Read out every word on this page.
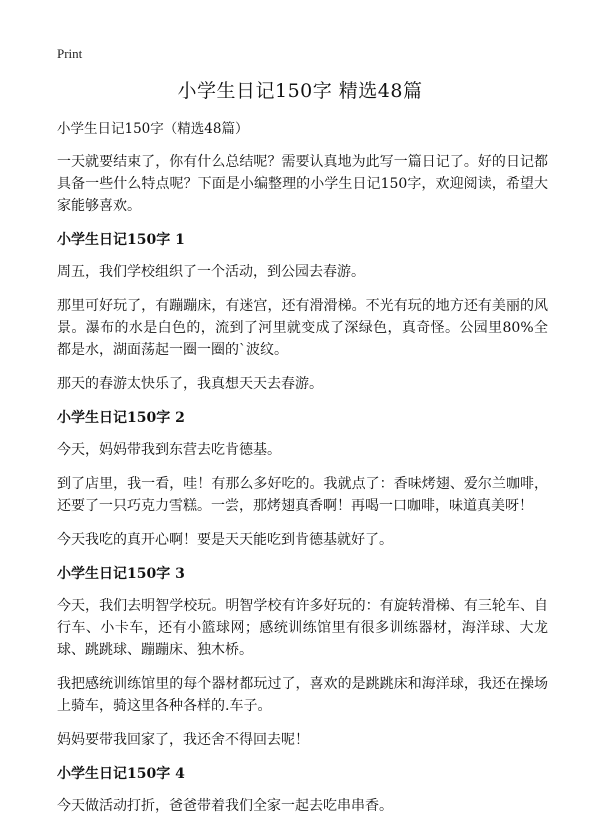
Print
小学生日记150字 精选48篇

小学生日记150字（精选48篇）

一天就要结束了，你有什么总结呢？需要认真地为此写一篇日记了。好的日记都具备一些什么特点呢？下面是小编整理的小学生日记150字，欢迎阅读，希望大家能够喜欢。

小学生日记150字 1

周五，我们学校组织了一个活动，到公园去春游。

那里可好玩了，有蹦蹦床，有迷宫，还有滑滑梯。不光有玩的地方还有美丽的风景。瀑布的水是白色的，流到了河里就变成了深绿色，真奇怪。公园里80%全都是水，湖面荡起一圈一圈的`波纹。

那天的春游太快乐了，我真想天天去春游。

小学生日记150字 2

今天，妈妈带我到东营去吃肯德基。

到了店里，我一看，哇！有那么多好吃的。我就点了：香味烤翅、爱尔兰咖啡，还要了一只巧克力雪糕。一尝，那烤翅真香啊！再喝一口咖啡，味道真美呀！

今天我吃的真开心啊！要是天天能吃到肯德基就好了。

小学生日记150字 3

今天，我们去明智学校玩。明智学校有许多好玩的：有旋转滑梯、有三轮车、自行车、小卡车，还有小篮球网；感统训练馆里有很多训练器材，海洋球、大龙球、跳跳球、蹦蹦床、独木桥。

我把感统训练馆里的每个器材都玩过了，喜欢的是跳跳床和海洋球，我还在操场上骑车，骑这里各种各样的.车子。

妈妈要带我回家了，我还舍不得回去呢！

小学生日记150字 4

今天做活动打折，爸爸带着我们全家一起去吃串串香。
